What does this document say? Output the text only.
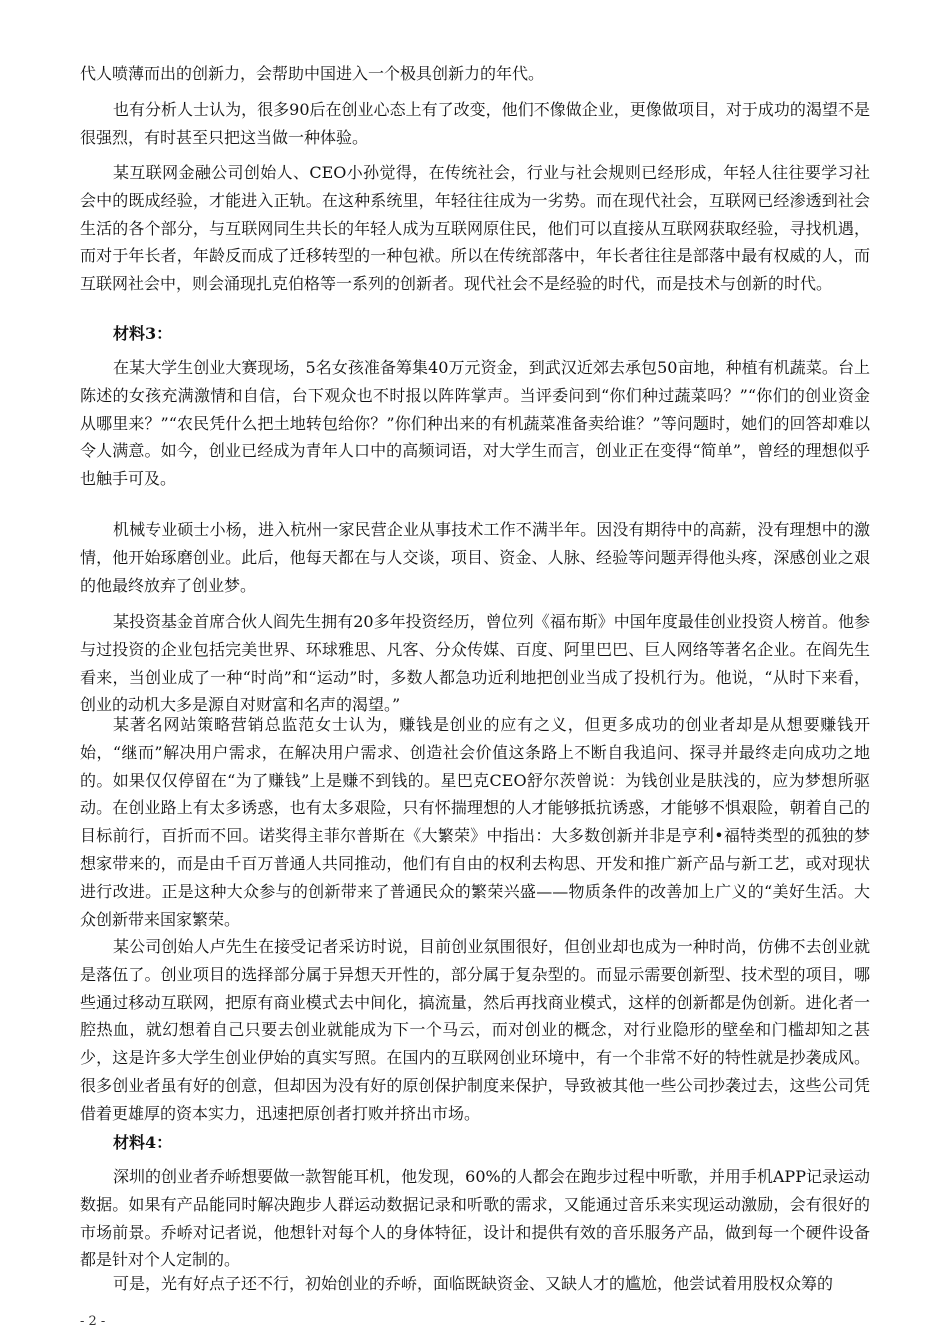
代人喷薄而出的创新力，会帮助中国进入一个极具创新力的年代。

也有分析人士认为，很多90后在创业心态上有了改变，他们不像做企业，更像做项目，对于成功的渴望不是很强烈，有时甚至只把这当做一种体验。

某互联网金融公司创始人、CEO小孙觉得，在传统社会，行业与社会规则已经形成，年轻人往往要学习社会中的既成经验，才能进入正轨。在这种系统里，年轻往往成为一劣势。而在现代社会，互联网已经渗透到社会生活的各个部分，与互联网同生共长的年轻人成为互联网原住民，他们可以直接从互联网获取经验，寻找机遇，而对于年长者，年龄反而成了迁移转型的一种包袱。所以在传统部落中，年长者往往是部落中最有权威的人，而互联网社会中，则会涌现扎克伯格等一系列的创新者。现代社会不是经验的时代，而是技术与创新的时代。

材料3：

在某大学生创业大赛现场，5名女孩准备筹集40万元资金，到武汉近郊去承包50亩地，种植有机蔬菜。台上陈述的女孩充满激情和自信，台下观众也不时报以阵阵掌声。当评委问到“你们种过蔬菜吗？”“你们的创业资金从哪里来？”“农民凭什么把土地转包给你？”你们种出来的有机蔬菜准备卖给谁？”等问题时，她们的回答却难以令人满意。如今，创业已经成为青年人口中的高频词语，对大学生而言，创业正在变得“简单”，曾经的理想似乎也触手可及。

机械专业硕士小杨，进入杭州一家民营企业从事技术工作不满半年。因没有期待中的高薪，没有理想中的激情，他开始琢磨创业。此后，他每天都在与人交谈，项目、资金、人脉、经验等问题弄得他头疼，深感创业之艰的他最终放弃了创业梦。

某投资基金首席合伙人阎先生拥有20多年投资经历，曾位列《福布斯》中国年度最佳创业投资人榜首。他参与过投资的企业包括完美世界、环球雅思、凡客、分众传媒、百度、阿里巴巴、巨人网络等著名企业。在阎先生看来，当创业成了一种“时尚”和“运动”时，多数人都急功近利地把创业当成了投机行为。他说，“从时下来看，创业的动机大多是源自对财富和名声的渴望。”

某著名网站策略营销总监范女士认为，赚钱是创业的应有之义，但更多成功的创业者却是从想要赚钱开始，“继而”解决用户需求，在解决用户需求、创造社会价值这条路上不断自我追问、探寻并最终走向成功之地的。如果仅仅停留在“为了赚钱”上是赚不到钱的。星巴克CEO舒尔茨曾说：为钱创业是肤浅的，应为梦想所驱动。在创业路上有太多诱惑，也有太多艰险，只有怀揣理想的人才能够抵抗诱惑，才能够不惧艰险，朝着自己的目标前行，百折而不回。诺奖得主菲尔普斯在《大繁荣》中指出：大多数创新并非是亨利•福特类型的孤独的梦想家带来的，而是由千百万普通人共同推动，他们有自由的权利去构思、开发和推广新产品与新工艺，或对现状进行改进。正是这种大众参与的创新带来了普通民众的繁荣兴盛——物质条件的改善加上广义的“美好生活。大众创新带来国家繁荣。

某公司创始人卢先生在接受记者采访时说，目前创业氛围很好，但创业却也成为一种时尚，仿佛不去创业就是落伍了。创业项目的选择部分属于异想天开性的，部分属于复杂型的。而显示需要创新型、技术型的项目，哪些通过移动互联网，把原有商业模式去中间化，搞流量，然后再找商业模式，这样的创新都是伪创新。进化者一腔热血，就幻想着自己只要去创业就能成为下一个马云，而对创业的概念，对行业隐形的壁垒和门槛却知之甚少，这是许多大学生创业伊始的真实写照。在国内的互联网创业环境中，有一个非常不好的特性就是抄袭成风。很多创业者虽有好的创意，但却因为没有好的原创保护制度来保护，导致被其他一些公司抄袭过去，这些公司凭借着更雄厚的资本实力，迅速把原创者打败并挤出市场。

材料4：

深圳的创业者乔峤想要做一款智能耳机，他发现，60%的人都会在跑步过程中听歌，并用手机APP记录运动数据。如果有产品能同时解决跑步人群运动数据记录和听歌的需求，又能通过音乐来实现运动激励，会有很好的市场前景。乔峤对记者说，他想针对每个人的身体特征，设计和提供有效的音乐服务产品，做到每一个硬件设备都是针对个人定制的。

可是，光有好点子还不行，初始创业的乔峤，面临既缺资金、又缺人才的尴尬，他尝试着用股权众筹的

- 2 -
